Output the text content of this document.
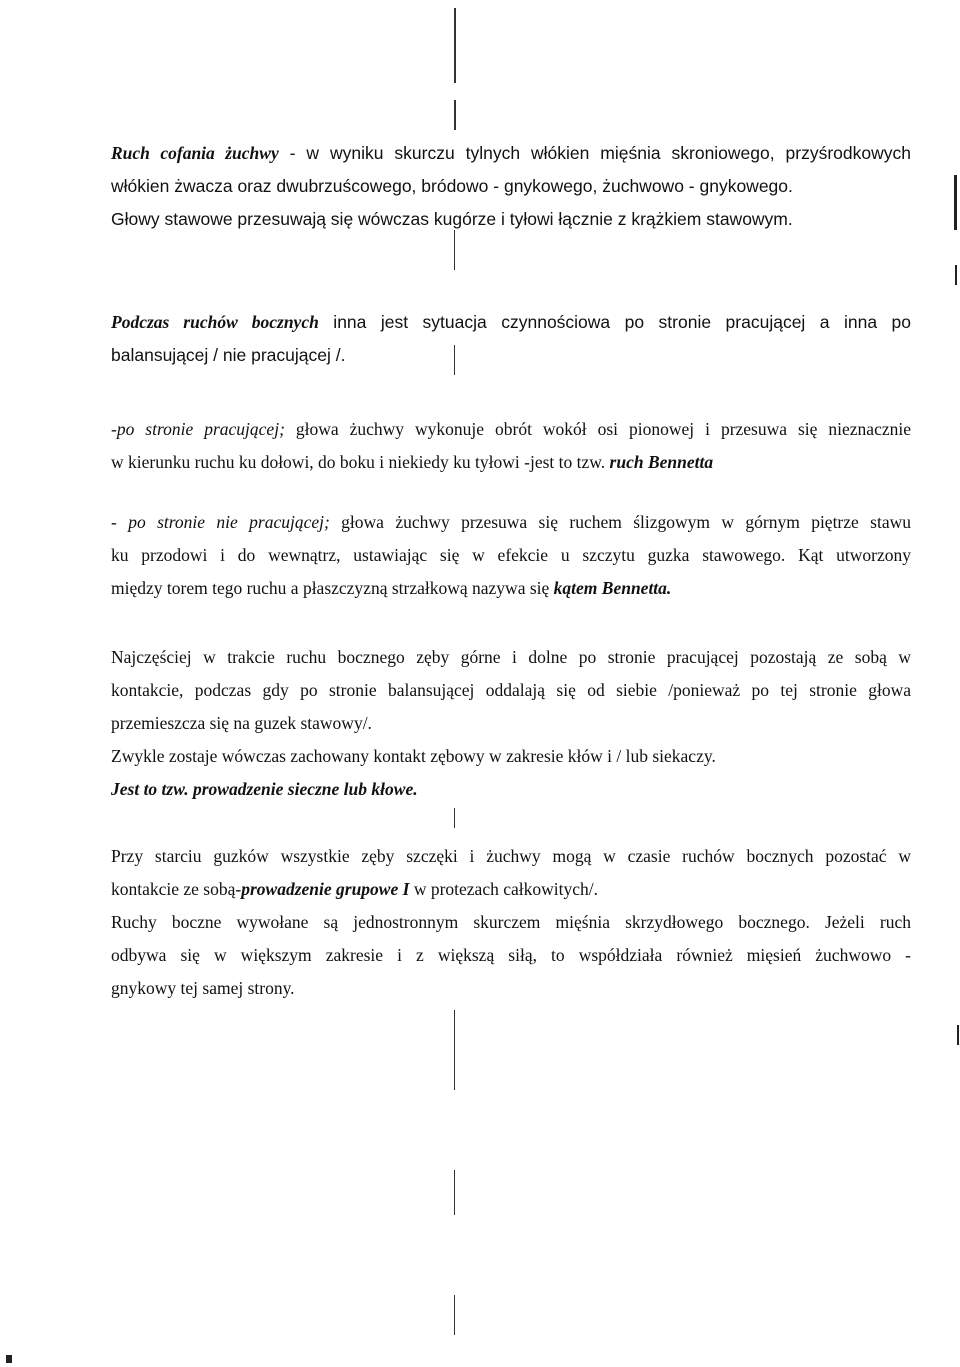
Ruch cofania żuchwy - w wyniku skurczu tylnych włókien mięśnia skroniowego, przyśrodkowych
włókien żwacza oraz dwubrzuścowego, bródowo - gnykowego, żuchwowo - gnykowego.
Głowy stawowe przesuwają się wówczas kugórze i tyłowi łącznie z krążkiem stawowym.
Podczas ruchów bocznych inna jest sytuacja czynnościowa po stronie pracującej a inna po
balansującej / nie pracującej /.
-po stronie pracującej; głowa żuchwy wykonuje obrót wokół osi pionowej i przesuwa się nieznacznie
w kierunku ruchu ku dołowi, do boku i niekiedy ku tyłowi -jest to tzw. ruch Bennetta
- po stronie nie pracującej; głowa żuchwy przesuwa się ruchem ślizgowym w górnym piętrze stawu
ku przodowi i do wewnątrz, ustawiając się w efekcie u szczytu guzka stawowego. Kąt utworzony
między torem tego ruchu a płaszczyzną strzałkową nazywa się kątem Bennetta.
Najczęściej w trakcie ruchu bocznego zęby górne i dolne po stronie pracującej pozostają ze sobą w
kontakcie, podczas gdy po stronie balansującej oddalają się od siebie /ponieważ po tej stronie głowa
przemieszcza się na guzek stawowy/.
Zwykle zostaje wówczas zachowany kontakt zębowy w zakresie kłów i / lub siekaczy.
Jest to tzw. prowadzenie sieczne lub kłowe.
Przy starciu guzków wszystkie zęby szczęki i żuchwy mogą w czasie ruchów bocznych pozostać w
kontakcie ze sobą-prowadzenie grupowe I w protezach całkowitych/.
Ruchy boczne wywołane są jednostronnym skurczem mięśnia skrzydłowego bocznego. Jeżeli ruch
odbywa się w większym zakresie i z większą siłą, to współdziała również mięsień żuchwowo -
gnykowy tej samej strony.
